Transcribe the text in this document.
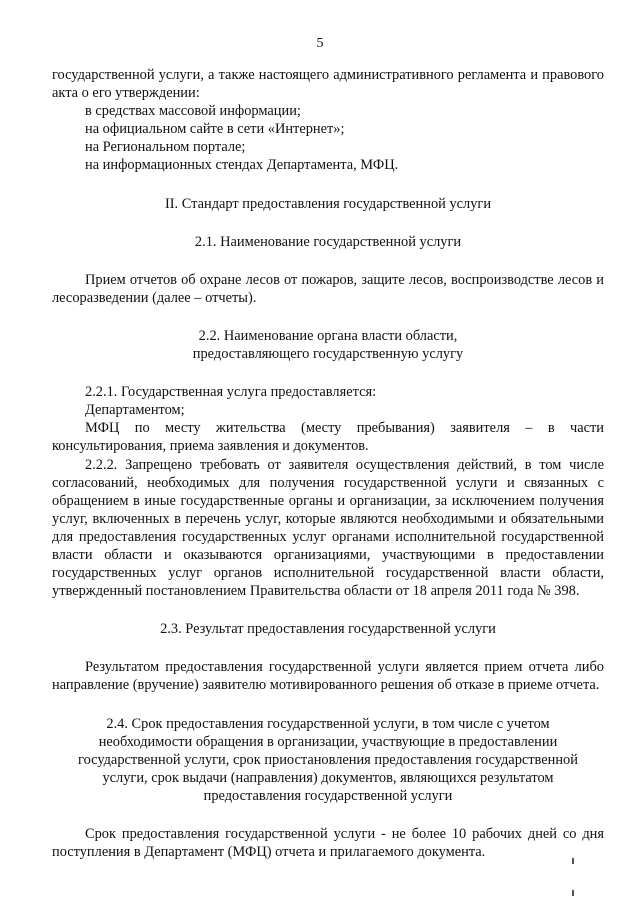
5

государственной услуги, а также настоящего административного регламента и правового акта о его утверждении:

в средствах массовой информации;

на официальном сайте в сети «Интернет»;

на Региональном портале;

на информационных стендах Департамента, МФЦ.

II. Стандарт предоставления государственной услуги

2.1. Наименование государственной услуги

Прием отчетов об охране лесов от пожаров, защите лесов, воспроизводстве лесов и лесоразведении (далее – отчеты).

2.2. Наименование органа власти области,

предоставляющего государственную услугу

2.2.1. Государственная услуга предоставляется:

Департаментом;

МФЦ по месту жительства (месту пребывания) заявителя – в части консультирования, приема заявления и документов.

2.2.2. Запрещено требовать от заявителя осуществления действий, в том числе согласований, необходимых для получения государственной услуги и связанных с обращением в иные государственные органы и организации, за исключением получения услуг, включенных в перечень услуг, которые являются необходимыми и обязательными для предоставления государственных услуг органами исполнительной государственной власти области и оказываются организациями, участвующими в предоставлении государственных услуг органов исполнительной государственной власти области, утвержденный постановлением Правительства области от 18 апреля 2011 года № 398.

2.3. Результат предоставления государственной услуги

Результатом предоставления государственной услуги является прием отчета либо направление (вручение) заявителю мотивированного решения об отказе в приеме отчета.

2.4. Срок предоставления государственной услуги, в том числе с учетом

необходимости обращения в организации, участвующие в предоставлении

государственной услуги, срок приостановления предоставления государственной

услуги, срок выдачи (направления) документов, являющихся результатом

предоставления государственной услуги

Срок предоставления государственной услуги - не более 10 рабочих дней со дня поступления в Департамент (МФЦ) отчета и прилагаемого документа.
